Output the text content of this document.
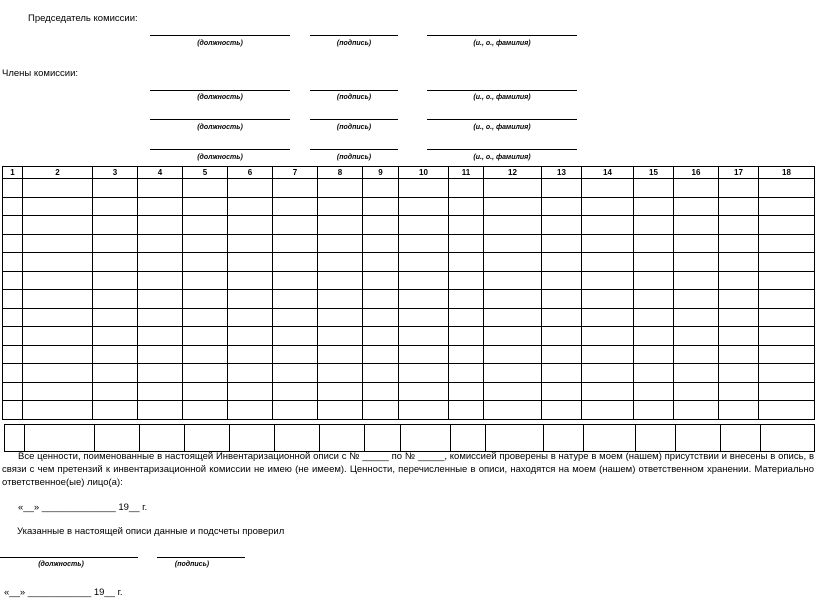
Председатель комиссии:
(должность)	(подпись)	(и., о., фамилия)
Члены комиссии:
(должность)	(подпись)	(и., о., фамилия)
(должность)	(подпись)	(и., о., фамилия)
(должность)	(подпись)	(и., о., фамилия)
1	2	3	4	5	6	7	8	9	10	11	12	13	14	15	16	17	18

Все ценности, поименованные в настоящей Инвентаризационной описи с № _____ по № _____, комиссией проверены в натуре в моем (нашем) присутствии и внесены в опись, в связи с чем претензий к инвентаризационной комиссии не имею (не имеем). Ценности, перечисленные в описи, находятся на моем (нашем) ответственном хранении. Материально ответственное(ые) лицо(а):
«__» ______________ 19__ г.
Указанные в настоящей описи данные и подсчеты проверил
(должность)	(подпись)
«__» ____________ 19__ г.
